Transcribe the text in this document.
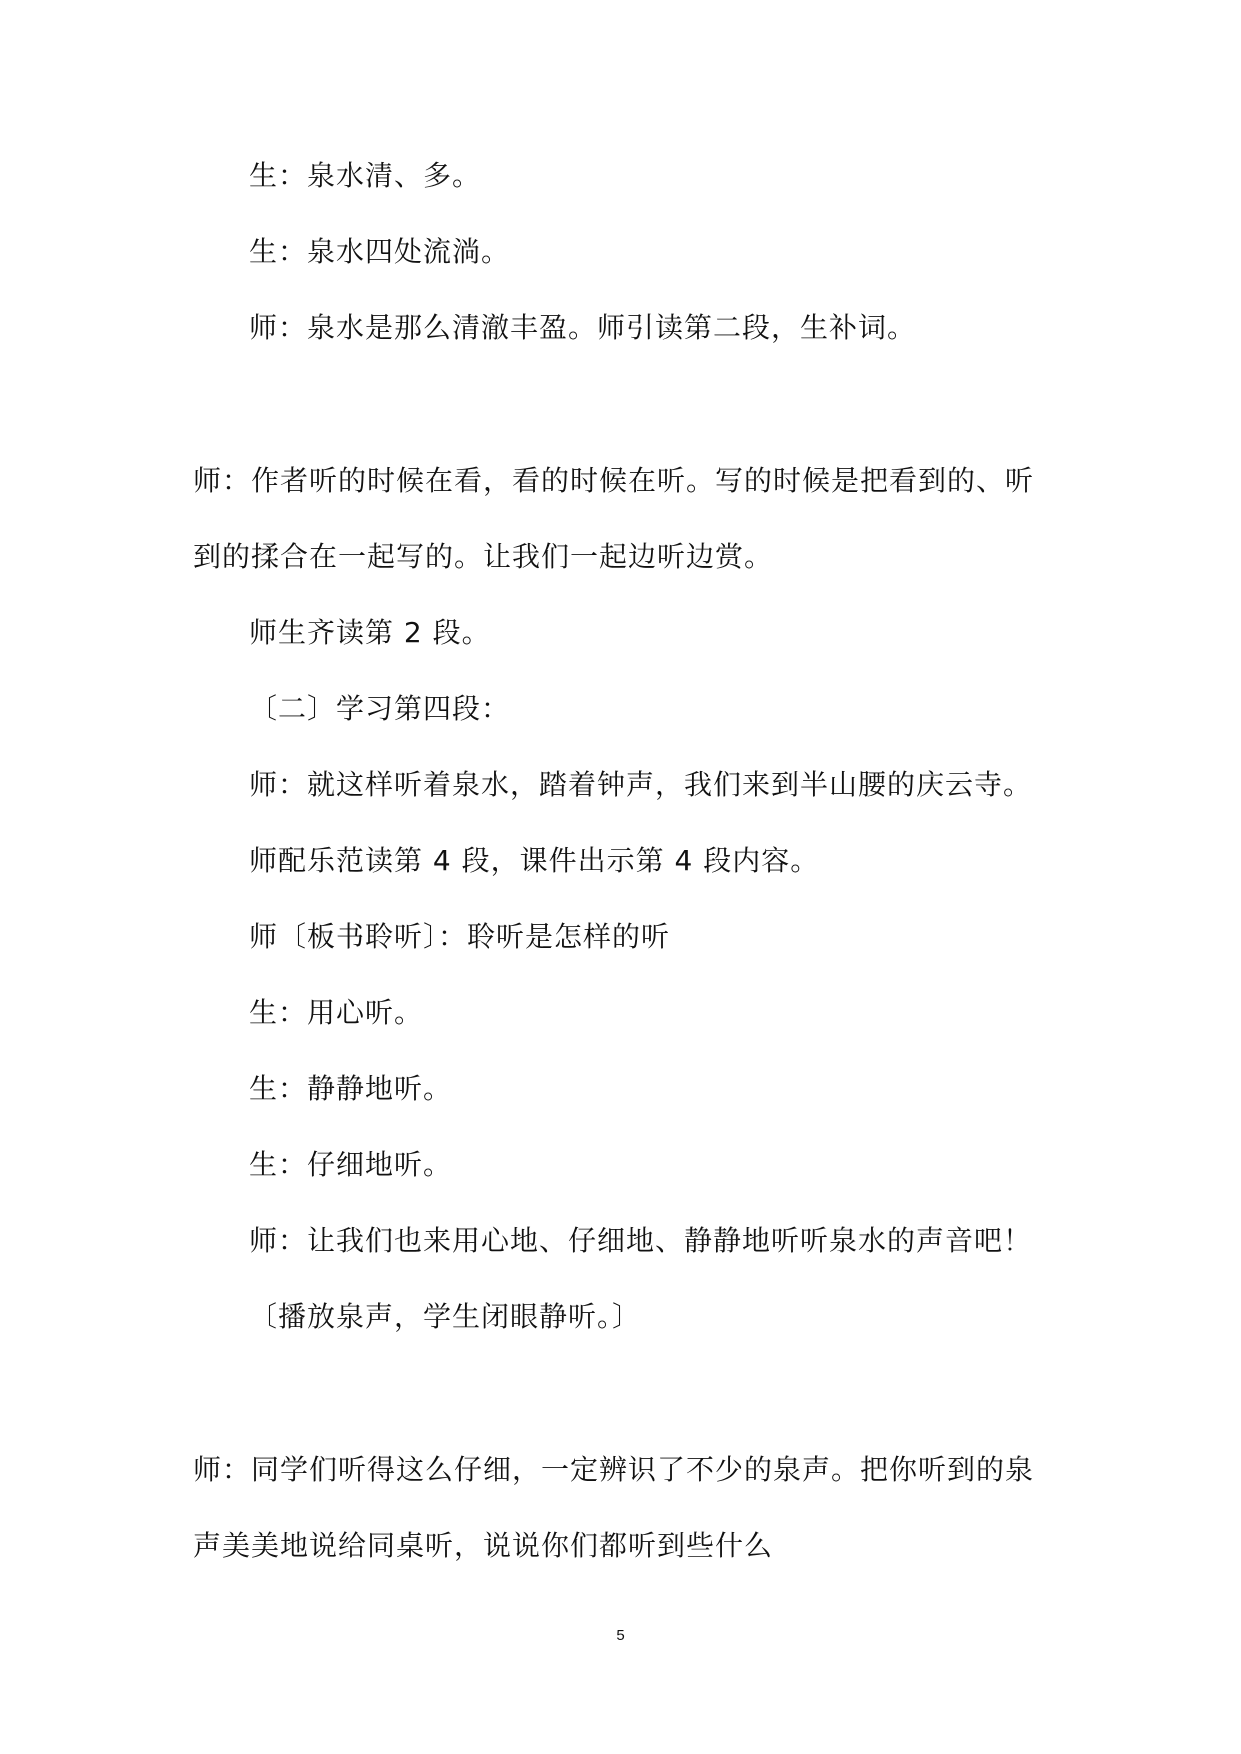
生：泉水清、多。
生：泉水四处流淌。
师：泉水是那么清澈丰盈。师引读第二段，生补词。
师：作者听的时候在看，看的时候在听。写的时候是把看到的、听
到的揉合在一起写的。让我们一起边听边赏。
师生齐读第 2 段。
〔二〕学习第四段：
师：就这样听着泉水，踏着钟声，我们来到半山腰的庆云寺。
师配乐范读第 4 段，课件出示第 4 段内容。
师〔板书聆听〕：聆听是怎样的听
生：用心听。
生：静静地听。
生：仔细地听。
师：让我们也来用心地、仔细地、静静地听听泉水的声音吧！
〔播放泉声，学生闭眼静听。〕
师：同学们听得这么仔细，一定辨识了不少的泉声。把你听到的泉
声美美地说给同桌听，说说你们都听到些什么
5
